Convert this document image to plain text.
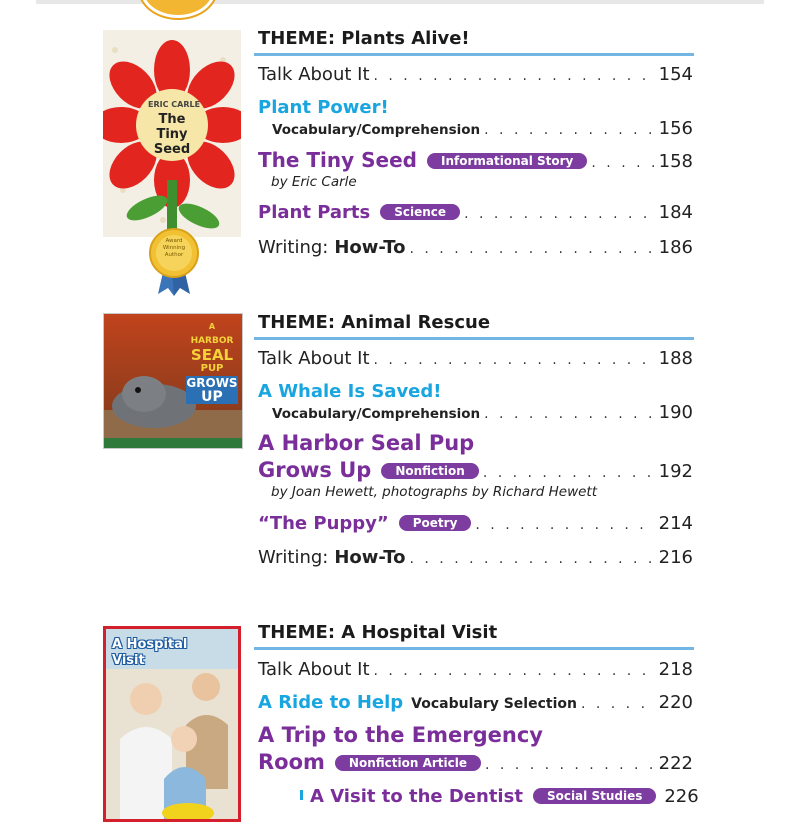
ERIC CARLE
The Tiny Seed
Award Winning Author
THEME: Plants Alive!
Talk About It . . .	154
Plant Power!
Vocabulary/Comprehension . . .	156
The Tiny Seed	Informational Story . . .	158
by Eric Carle
Plant Parts	Science . . .	184
Writing: How-To . . .	186
A
HARBOR
SEAL
PUP
GROWS
UP
THEME: Animal Rescue
Talk About It . . .	188
A Whale Is Saved!
Vocabulary/Comprehension . . .	190
A Harbor Seal Pup
Grows Up	Nonfiction . . .	192
by Joan Hewett, photographs by Richard Hewett
“The Puppy”	Poetry . . .	214
Writing: How-To . . .	216
A Hospital Visit
THEME: A Hospital Visit
Talk About It . . .	218
A Ride to Help Vocabulary Selection . . .	220
A Trip to the Emergency
Room	Nonfiction Article . . .	222
A Visit to the Dentist	Social Studies	226
